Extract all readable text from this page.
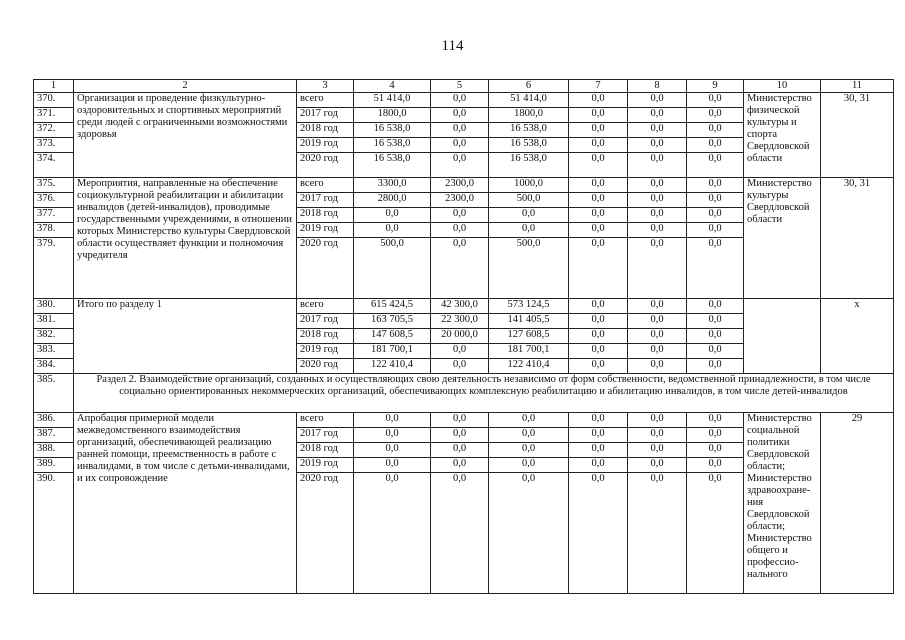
114
1	2	3	4	5	6	7	8	9	10	11
370.	Организация и проведение физкультурно-оздоровительных и спортивных мероприятий среди людей с ограниченными возможностями здоровья	всего	51 414,0	0,0	51 414,0	0,0	0,0	0,0	Министерство физической культуры и спорта Свердловской области	30, 31
371.		2017 год	1800,0	0,0	1800,0	0,0	0,0	0,0		
372.		2018 год	16 538,0	0,0	16 538,0	0,0	0,0	0,0		
373.		2019 год	16 538,0	0,0	16 538,0	0,0	0,0	0,0		
374.		2020 год	16 538,0	0,0	16 538,0	0,0	0,0	0,0		
375.	Мероприятия, направленные на обеспечение социокультурной реабилитации и абилитации инвалидов (детей-инвалидов), проводимые государственными учреждениями, в отношении которых Министерство культуры Свердловской области осуществляет функции и полномочия учредителя	всего	3300,0	2300,0	1000,0	0,0	0,0	0,0	Министерство культуры Свердловской области	30, 31
376.		2017 год	2800,0	2300,0	500,0	0,0	0,0	0,0		
377.		2018 год	0,0	0,0	0,0	0,0	0,0	0,0		
378.		2019 год	0,0	0,0	0,0	0,0	0,0	0,0		
379.		2020 год	500,0	0,0	500,0	0,0	0,0	0,0		
380.	Итого по разделу 1	всего	615 424,5	42 300,0	573 124,5	0,0	0,0	0,0		x
381.		2017 год	163 705,5	22 300,0	141 405,5	0,0	0,0	0,0		
382.		2018 год	147 608,5	20 000,0	127 608,5	0,0	0,0	0,0		
383.		2019 год	181 700,1	0,0	181 700,1	0,0	0,0	0,0		
384.		2020 год	122 410,4	0,0	122 410,4	0,0	0,0	0,0		
385.	Раздел 2. Взаимодействие организаций, созданных и осуществляющих свою деятельность независимо от форм собственности, ведомственной принадлежности, в том числе социально ориентированных некоммерческих организаций, обеспечивающих комплексную реабилитацию и абилитацию инвалидов, в том числе детей-инвалидов									
386.	Апробация примерной модели межведомственного взаимодействия организаций, обеспечивающей реализацию ранней помощи, преемственность в работе с инвалидами, в том числе с детьми-инвалидами, и их сопровождение	всего	0,0	0,0	0,0	0,0	0,0	0,0	Министерство социальной политики Свердловской области; Министерство здравоохране-ния Свердловской области; Министерство общего и профессио-нального	29
387.		2017 год	0,0	0,0	0,0	0,0	0,0	0,0		
388.		2018 год	0,0	0,0	0,0	0,0	0,0	0,0		
389.		2019 год	0,0	0,0	0,0	0,0	0,0	0,0		
390.		2020 год	0,0	0,0	0,0	0,0	0,0	0,0		
